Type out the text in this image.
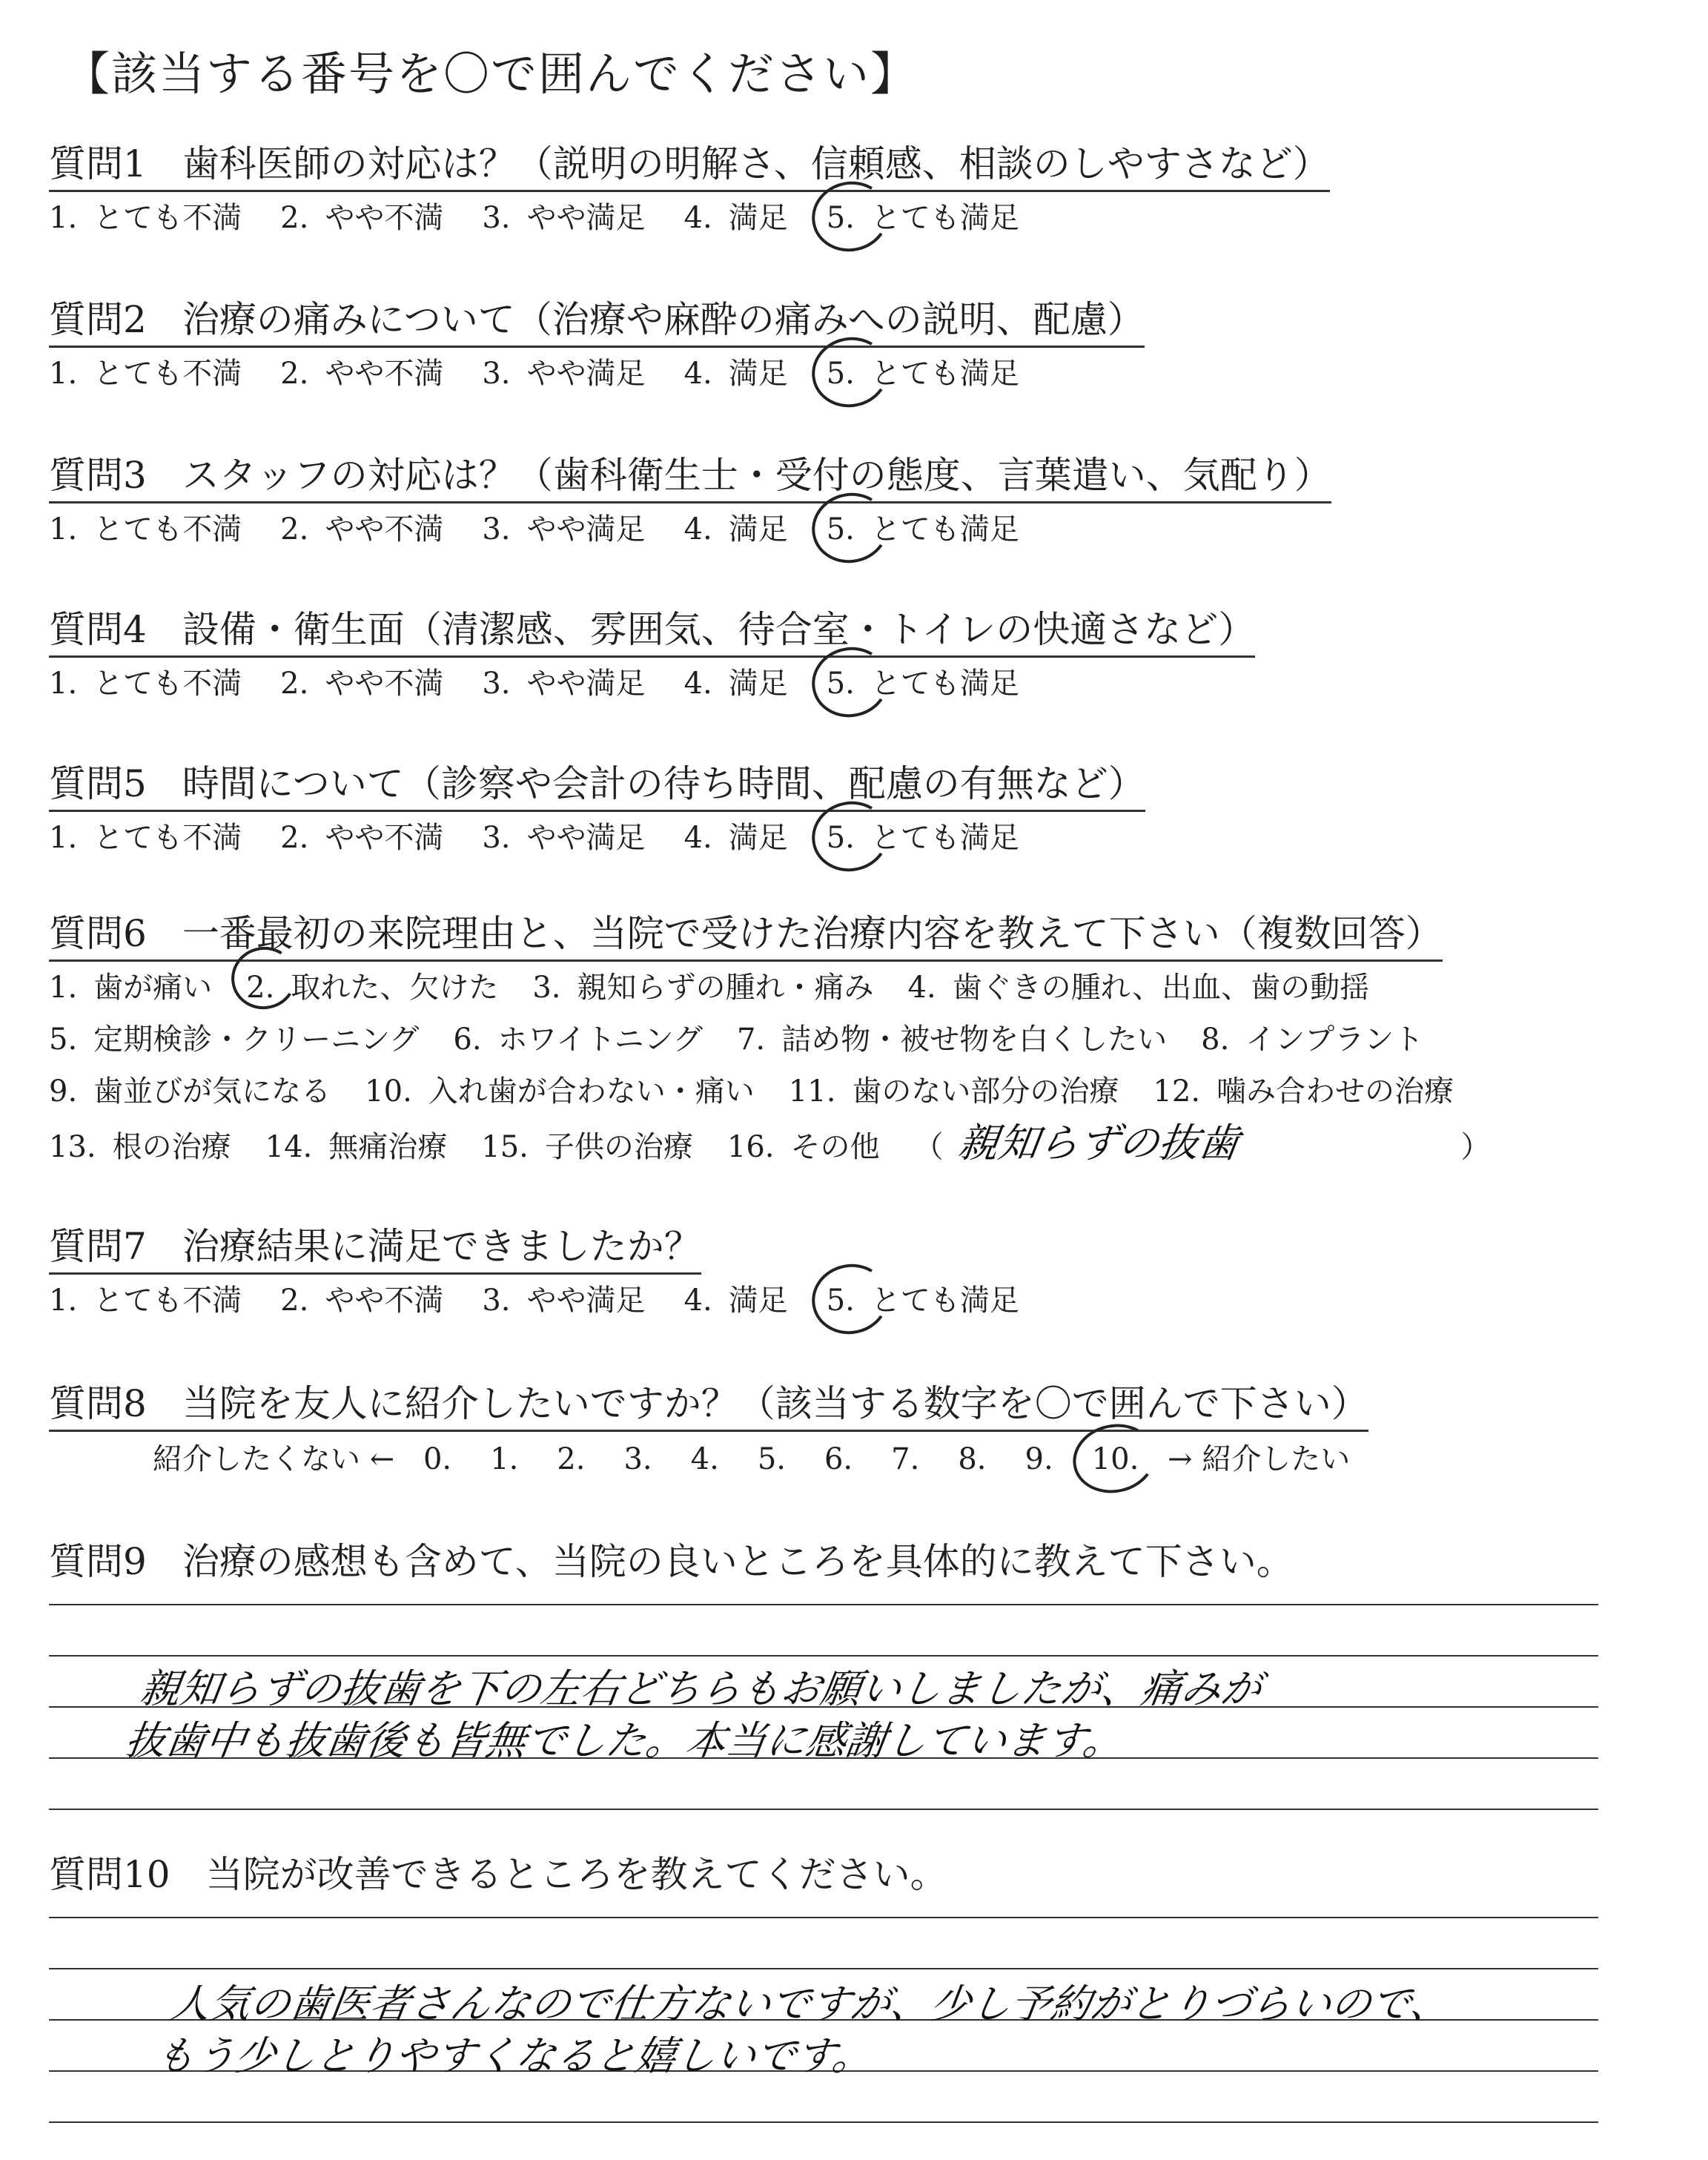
【該当する番号を〇で囲んでください】
質問1 歯科医師の対応は？（説明の明解さ、信頼感、相談のしやすさなど）
1. とても不満 2. やや不満 3. やや満足 4. 満足 5. とても満足
質問2 治療の痛みについて（治療や麻酔の痛みへの説明、配慮）
1. とても不満 2. やや不満 3. やや満足 4. 満足 5. とても満足
質問3 スタッフの対応は？（歯科衛生士・受付の態度、言葉遣い、気配り）
1. とても不満 2. やや不満 3. やや満足 4. 満足 5. とても満足
質問4 設備・衛生面（清潔感、雰囲気、待合室・トイレの快適さなど）
1. とても不満 2. やや不満 3. やや満足 4. 満足 5. とても満足
質問5 時間について（診察や会計の待ち時間、配慮の有無など）
1. とても不満 2. やや不満 3. やや満足 4. 満足 5. とても満足
質問6 一番最初の来院理由と、当院で受けた治療内容を教えて下さい（複数回答）
1. 歯が痛い 2. 取れた、欠けた 3. 親知らずの腫れ・痛み 4. 歯ぐきの腫れ、出血、歯の動揺
5. 定期検診・クリーニング 6. ホワイトニング 7. 詰め物・被せ物を白くしたい 8. インプラント
9. 歯並びが気になる 10. 入れ歯が合わない・痛い 11. 歯のない部分の治療 12. 噛み合わせの治療
13. 根の治療 14. 無痛治療 15. 子供の治療 16. その他 （ 親知らずの抜歯	）
質問7 治療結果に満足できましたか？
1. とても不満 2. やや不満 3. やや満足 4. 満足 5. とても満足
質問8 当院を友人に紹介したいですか？（該当する数字を〇で囲んで下さい）
紹介したくない ← 0. 1. 2. 3. 4. 5. 6. 7. 8. 9. 10. → 紹介したい
質問9 治療の感想も含めて、当院の良いところを具体的に教えて下さい。
親知らずの抜歯を下の左右どちらもお願いしましたが、痛みが
抜歯中も抜歯後も皆無でした。本当に感謝しています。
質問10 当院が改善できるところを教えてください。
人気の歯医者さんなので仕方ないですが、少し予約がとりづらいので、
もう少しとりやすくなると嬉しいです。
